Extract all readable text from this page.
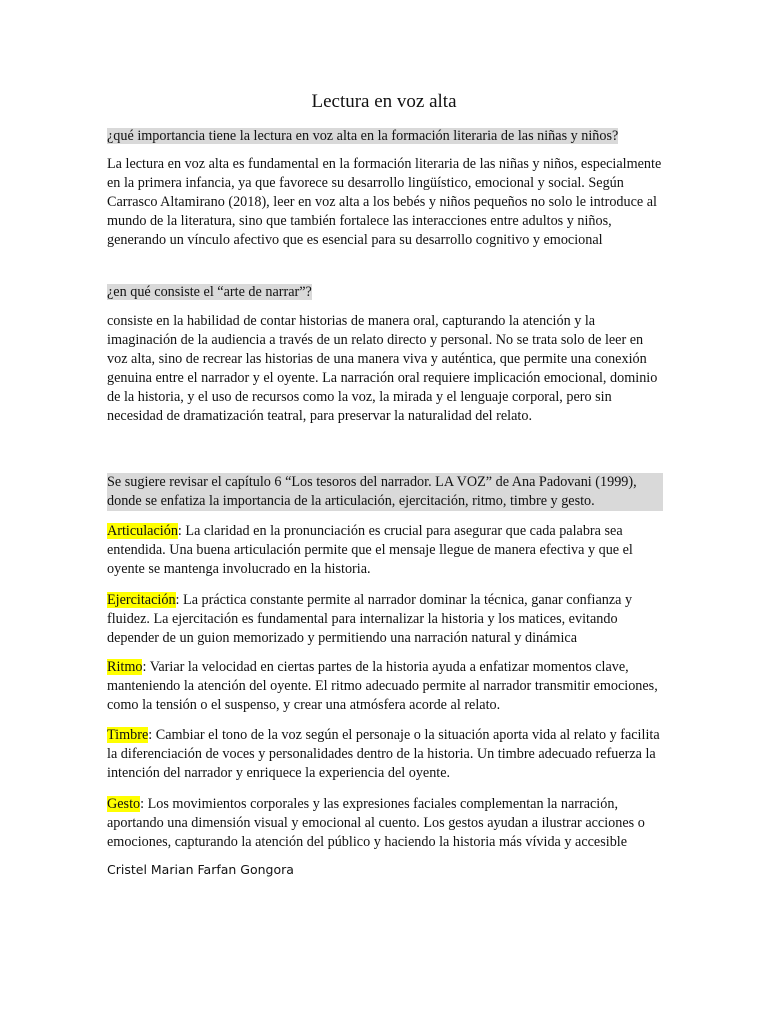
Lectura en voz alta
¿qué importancia tiene la lectura en voz alta en la formación literaria de las niñas y niños?
La lectura en voz alta es fundamental en la formación literaria de las niñas y niños, especialmente en la primera infancia, ya que favorece su desarrollo lingüístico, emocional y social. Según Carrasco Altamirano (2018), leer en voz alta a los bebés y niños pequeños no solo le introduce al mundo de la literatura, sino que también fortalece las interacciones entre adultos y niños, generando un vínculo afectivo que es esencial para su desarrollo cognitivo y emocional
¿en qué consiste el “arte de narrar”?
consiste en la habilidad de contar historias de manera oral, capturando la atención y la imaginación de la audiencia a través de un relato directo y personal. No se trata solo de leer en voz alta, sino de recrear las historias de una manera viva y auténtica, que permite una conexión genuina entre el narrador y el oyente. La narración oral requiere implicación emocional, dominio de la historia, y el uso de recursos como la voz, la mirada y el lenguaje corporal, pero sin necesidad de dramatización teatral, para preservar la naturalidad del relato.
Se sugiere revisar el capítulo 6 “Los tesoros del narrador. LA VOZ” de Ana Padovani (1999), donde se enfatiza la importancia de la articulación, ejercitación, ritmo, timbre y gesto.
Articulación: La claridad en la pronunciación es crucial para asegurar que cada palabra sea entendida. Una buena articulación permite que el mensaje llegue de manera efectiva y que el oyente se mantenga involucrado en la historia.
Ejercitación: La práctica constante permite al narrador dominar la técnica, ganar confianza y fluidez. La ejercitación es fundamental para internalizar la historia y los matices, evitando depender de un guion memorizado y permitiendo una narración natural y dinámica
Ritmo: Variar la velocidad en ciertas partes de la historia ayuda a enfatizar momentos clave, manteniendo la atención del oyente. El ritmo adecuado permite al narrador transmitir emociones, como la tensión o el suspenso, y crear una atmósfera acorde al relato.
Timbre: Cambiar el tono de la voz según el personaje o la situación aporta vida al relato y facilita la diferenciación de voces y personalidades dentro de la historia. Un timbre adecuado refuerza la intención del narrador y enriquece la experiencia del oyente.
Gesto: Los movimientos corporales y las expresiones faciales complementan la narración, aportando una dimensión visual y emocional al cuento. Los gestos ayudan a ilustrar acciones o emociones, capturando la atención del público y haciendo la historia más vívida y accesible
Cristel Marian Farfan Gongora
